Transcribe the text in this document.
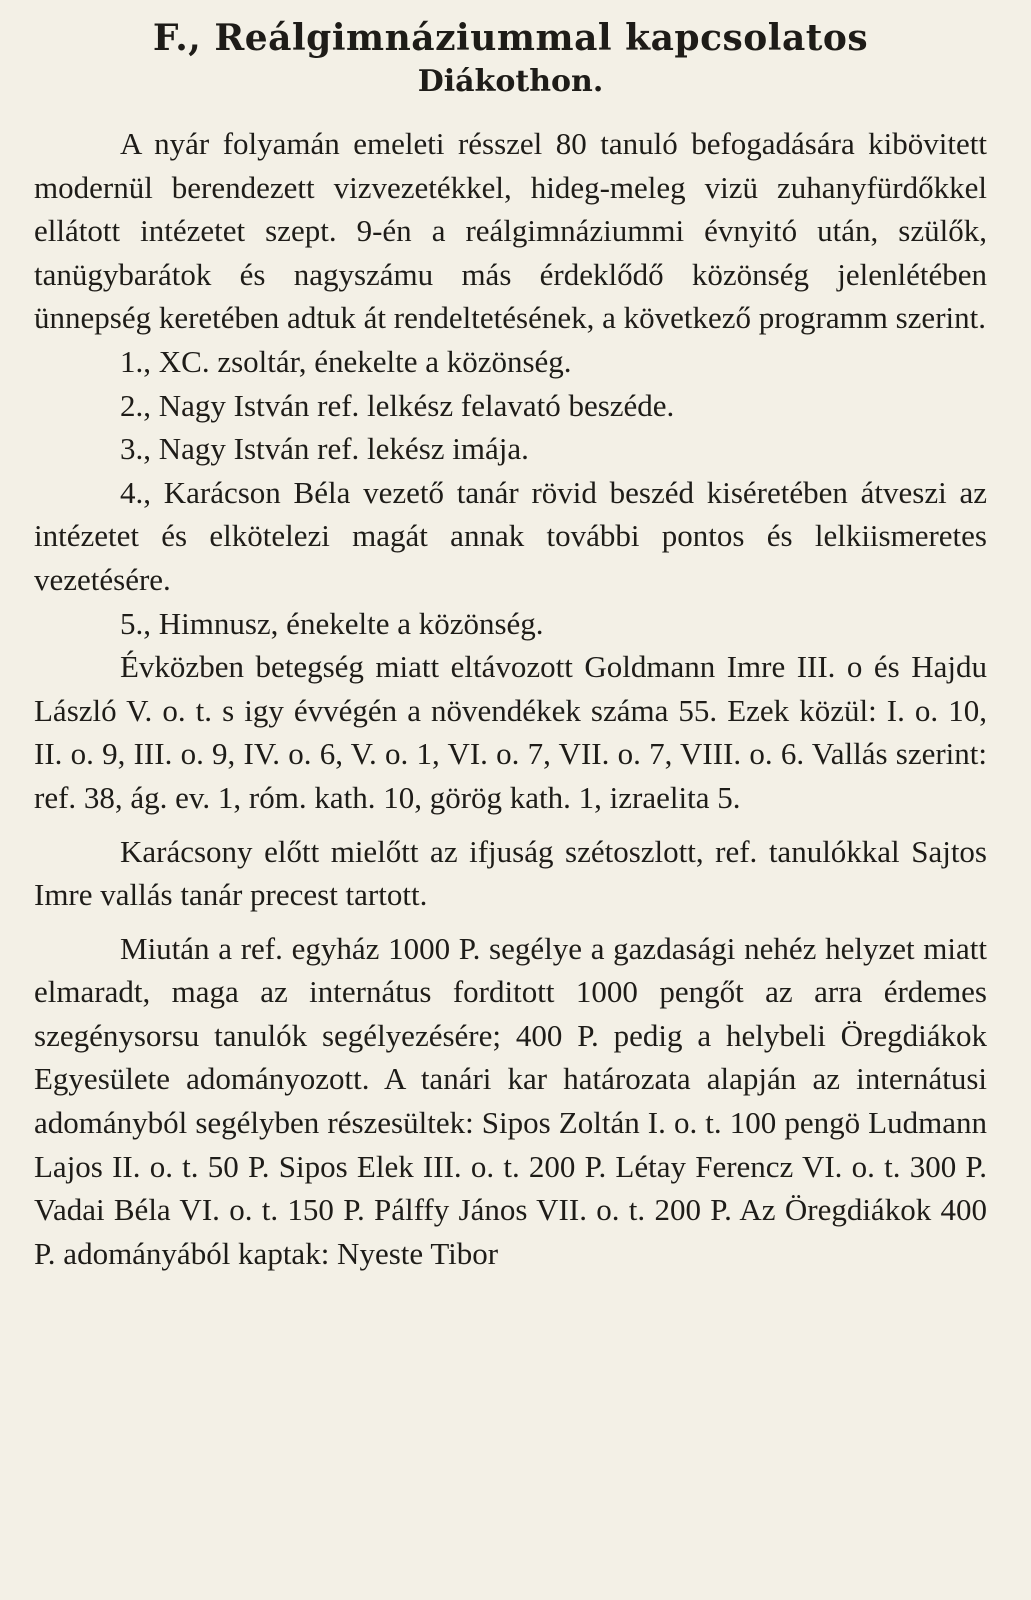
F., Reálgimnáziummal kapcsolatos
Diákothon.

A nyár folyamán emeleti résszel 80 tanuló befogadására kibövitett modernül berendezett vizvezetékkel, hideg-meleg vizü zuhanyfürdőkkel ellátott intézetet szept. 9-én a reálgimnáziummi évnyitó után, szülők, tanügybarátok és nagyszámu más érdeklődő közönség jelenlétében ünnepség keretében adtuk át rendeltetésének, a következő programm szerint.

1., XC. zsoltár, énekelte a közönség.
2., Nagy István ref. lelkész felavató beszéde.
3., Nagy István ref. lekész imája.
4., Karácson Béla vezető tanár rövid beszéd kiséretében átveszi az intézetet és elkötelezi magát annak további pontos és lelkiismeretes vezetésére.
5., Himnusz, énekelte a közönség.

Évközben betegség miatt eltávozott Goldmann Imre III. o és Hajdu László V. o. t. s igy évvégén a növendékek száma 55. Ezek közül: I. o. 10, II. o. 9, III. o. 9, IV. o. 6, V. o. 1, VI. o. 7, VII. o. 7, VIII. o. 6. Vallás szerint: ref. 38, ág. ev. 1, róm. kath. 10, görög kath. 1, izraelita 5.

Karácsony előtt mielőtt az ifjuság szétoszlott, ref. tanulókkal Sajtos Imre vallás tanár precest tartott.

Miután a ref. egyház 1000 P. segélye a gazdasági nehéz helyzet miatt elmaradt, maga az internátus forditott 1000 pengőt az arra érdemes szegénysorsu tanulók segélyezésére; 400 P. pedig a helybeli Öregdiákok Egyesülete adományozott. A tanári kar határozata alapján az internátusi adományból segélyben részesültek: Sipos Zoltán I. o. t. 100 pengö Ludmann Lajos II. o. t. 50 P. Sipos Elek III. o. t. 200 P. Létay Ferencz VI. o. t. 300 P. Vadai Béla VI. o. t. 150 P. Pálffy János VII. o. t. 200 P. Az Öregdiákok 400 P. adományából kaptak: Nyeste Tibor
